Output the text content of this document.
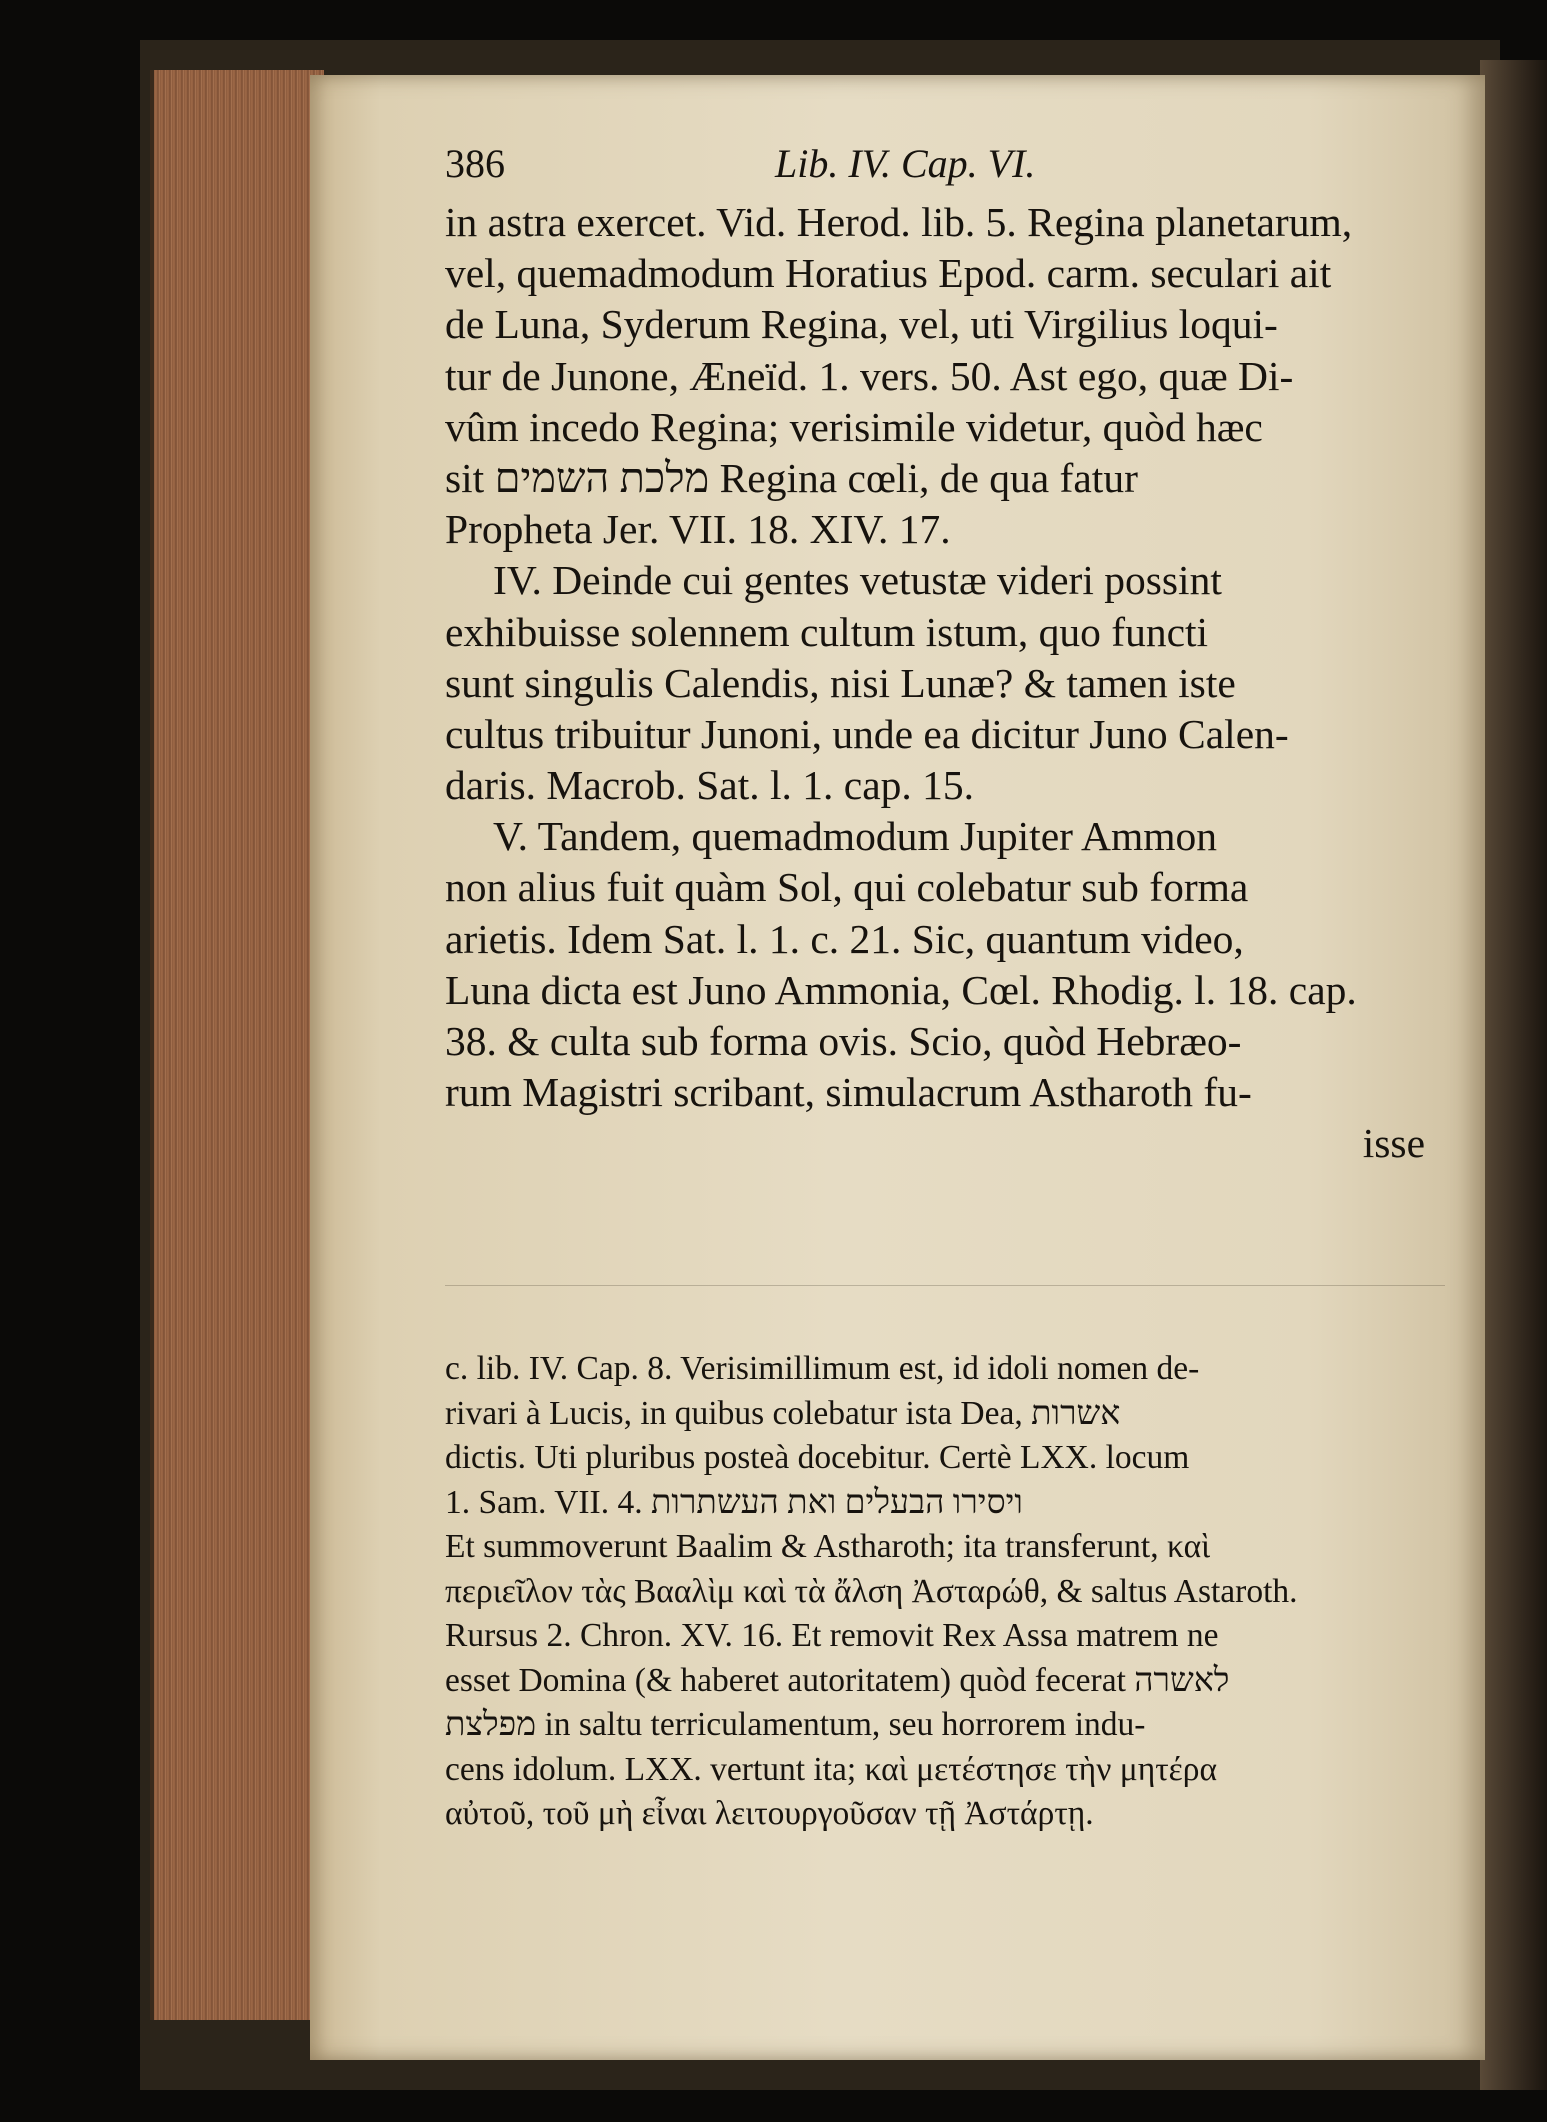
386	Lib. IV. Cap. VI.
in astra exercet. Vid. Herod. lib. 5. Regina planetarum,
vel, quemadmodum Horatius Epod. carm. seculari ait
de Luna, Syderum Regina, vel, uti Virgilius loqui-
tur de Junone, Æneïd. 1. vers. 50. Ast ego, quæ Di-
vûm incedo Regina; verisimile videtur, quòd hæc
sit מלכת השמים Regina cœli, de qua fatur
Propheta Jer. VII. 18. XIV. 17.
IV. Deinde cui gentes vetustæ videri possint
exhibuisse solennem cultum istum, quo functi
sunt singulis Calendis, nisi Lunæ? & tamen iste
cultus tribuitur Junoni, unde ea dicitur Juno Calen-
daris. Macrob. Sat. l. 1. cap. 15.
V. Tandem, quemadmodum Jupiter Ammon
non alius fuit quàm Sol, qui colebatur sub forma
arietis. Idem Sat. l. 1. c. 21. Sic, quantum video,
Luna dicta est Juno Ammonia, Cœl. Rhodig. l. 18. cap.
38. & culta sub forma ovis. Scio, quòd Hebræo-
rum Magistri scribant, simulacrum Astharoth fu-
isse
c. lib. IV. Cap. 8. Verisimillimum est, id idoli nomen de-
rivari à Lucis, in quibus colebatur ista Dea, אשרות
dictis. Uti pluribus posteà docebitur. Certè LXX. locum
1. Sam. VII. 4. ויסירו הבעלים ואת העשתרות
Et summoverunt Baalim & Astharoth; ita transferunt, καὶ
περιεῖλον τὰς Βααλὶμ καὶ τὰ ἄλση Ἀσταρώθ, & saltus Astaroth.
Rursus 2. Chron. XV. 16. Et removit Rex Assa matrem ne
esset Domina (& haberet autoritatem) quòd fecerat לאשרה
מפלצת in saltu terriculamentum, seu horrorem indu-
cens idolum. LXX. vertunt ita; καὶ μετέστησε τὴν μητέρα
αὐτοῦ, τοῦ μὴ εἶναι λειτουργοῦσαν τῇ Ἀστάρτῃ.
